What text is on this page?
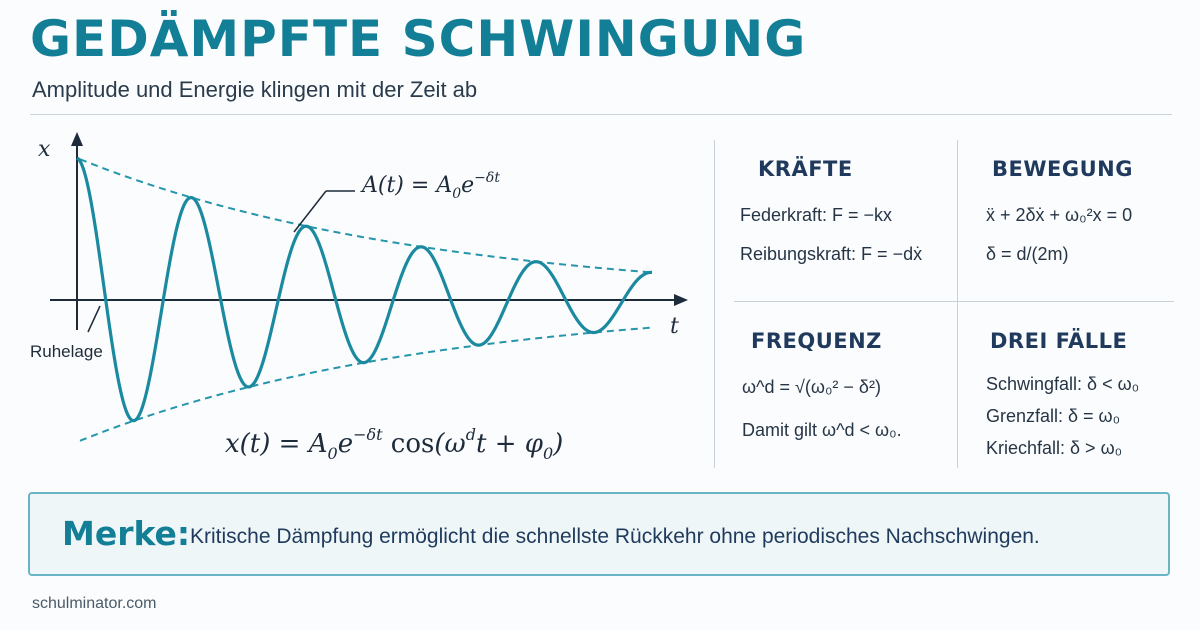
GEDÄMPFTE SCHWINGUNG
Amplitude und Energie klingen mit der Zeit ab
x
t
$A(t) = A_0e^{-\delta t}$
Ruhelage
$x(t) = A_0e^{-\delta t}$ $\cos(\omega^dt + \varphi_0)$
KRÄFTE
Federkraft: F = −kx
Reibungskraft: F = −dẋ
BEWEGUNG
ẍ + 2δẋ + ω₀²x = 0
δ = d/(2m)
FREQUENZ
ω^d = √(ω₀² − δ²)
Damit gilt ω^d < ω₀.
DREI FÄLLE
Schwingfall: δ < ω₀
Grenzfall: δ = ω₀
Kriechfall: δ > ω₀
Merke: Kritische Dämpfung ermöglicht die schnellste Rückkehr ohne periodisches Nachschwingen.
schulminator.com
